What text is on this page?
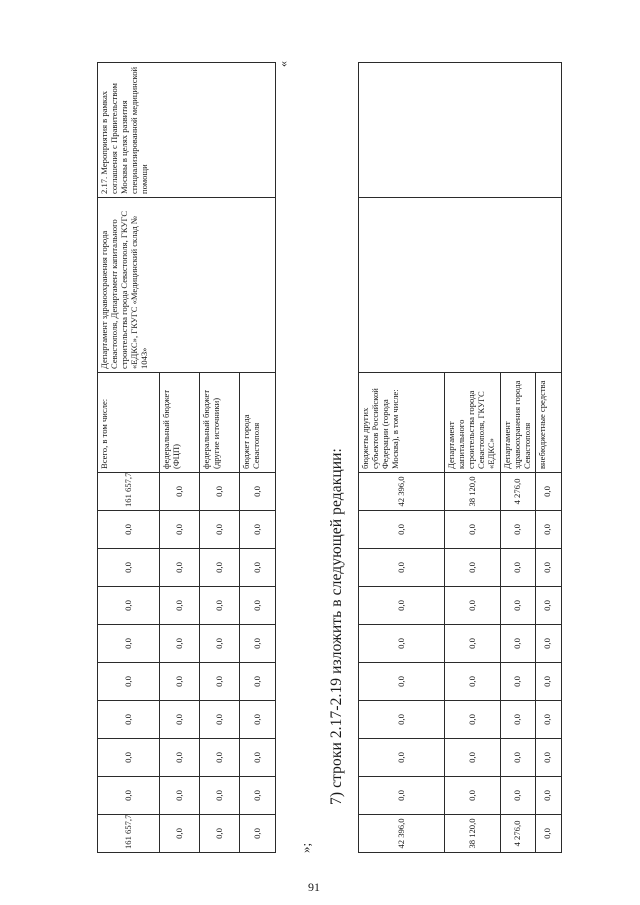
«
7) строки 2.17-2.19 изложить в следующей редакции:
»;	42 396,0	0,0	0,0	0,0	0,0	0,0	0,0	0,0	0,0	42 396,0	бюджеты других субъектов Российской Федерации (города Москва), в том числе:		
38 120,0	0,0	0,0	0,0	0,0	0,0	0,0	0,0	0,0	38 120,0	Департамент капитального строительства города Севастополя, ГКУГС «ЕДКС»		
4 276,0	0,0	0,0	0,0	0,0	0,0	0,0	0,0	0,0	4 276,0	Департамент здравоохранения города Севастополя		
0,0	0,0	0,0	0,0	0,0	0,0	0,0	0,0	0,0	0,0	внебюджетные средства		
161 657,7	0,0	0,0	0,0	0,0	0,0	0,0	0,0	0,0	161 657,7	Всего, в том числе:	Департамент здравоохранения города Севастополя, Департамент капитального строительства города Севастополя, ГКУГС «ЕДКС», ГКУГС «Медицинский склад № 1043»	2.17. Мероприятия в рамках соглашения с Правительством Москвы в целях развития специализированной медицинской помощи
0,0	0,0	0,0	0,0	0,0	0,0	0,0	0,0	0,0	0,0	федеральный бюджет (ФЦП)		
0,0	0,0	0,0	0,0	0,0	0,0	0,0	0,0	0,0	0,0	федеральный бюджет (другие источники)		
0,0	0,0	0,0	0,0	0,0	0,0	0,0	0,0	0,0	0,0	бюджет города Севастополя		
91
